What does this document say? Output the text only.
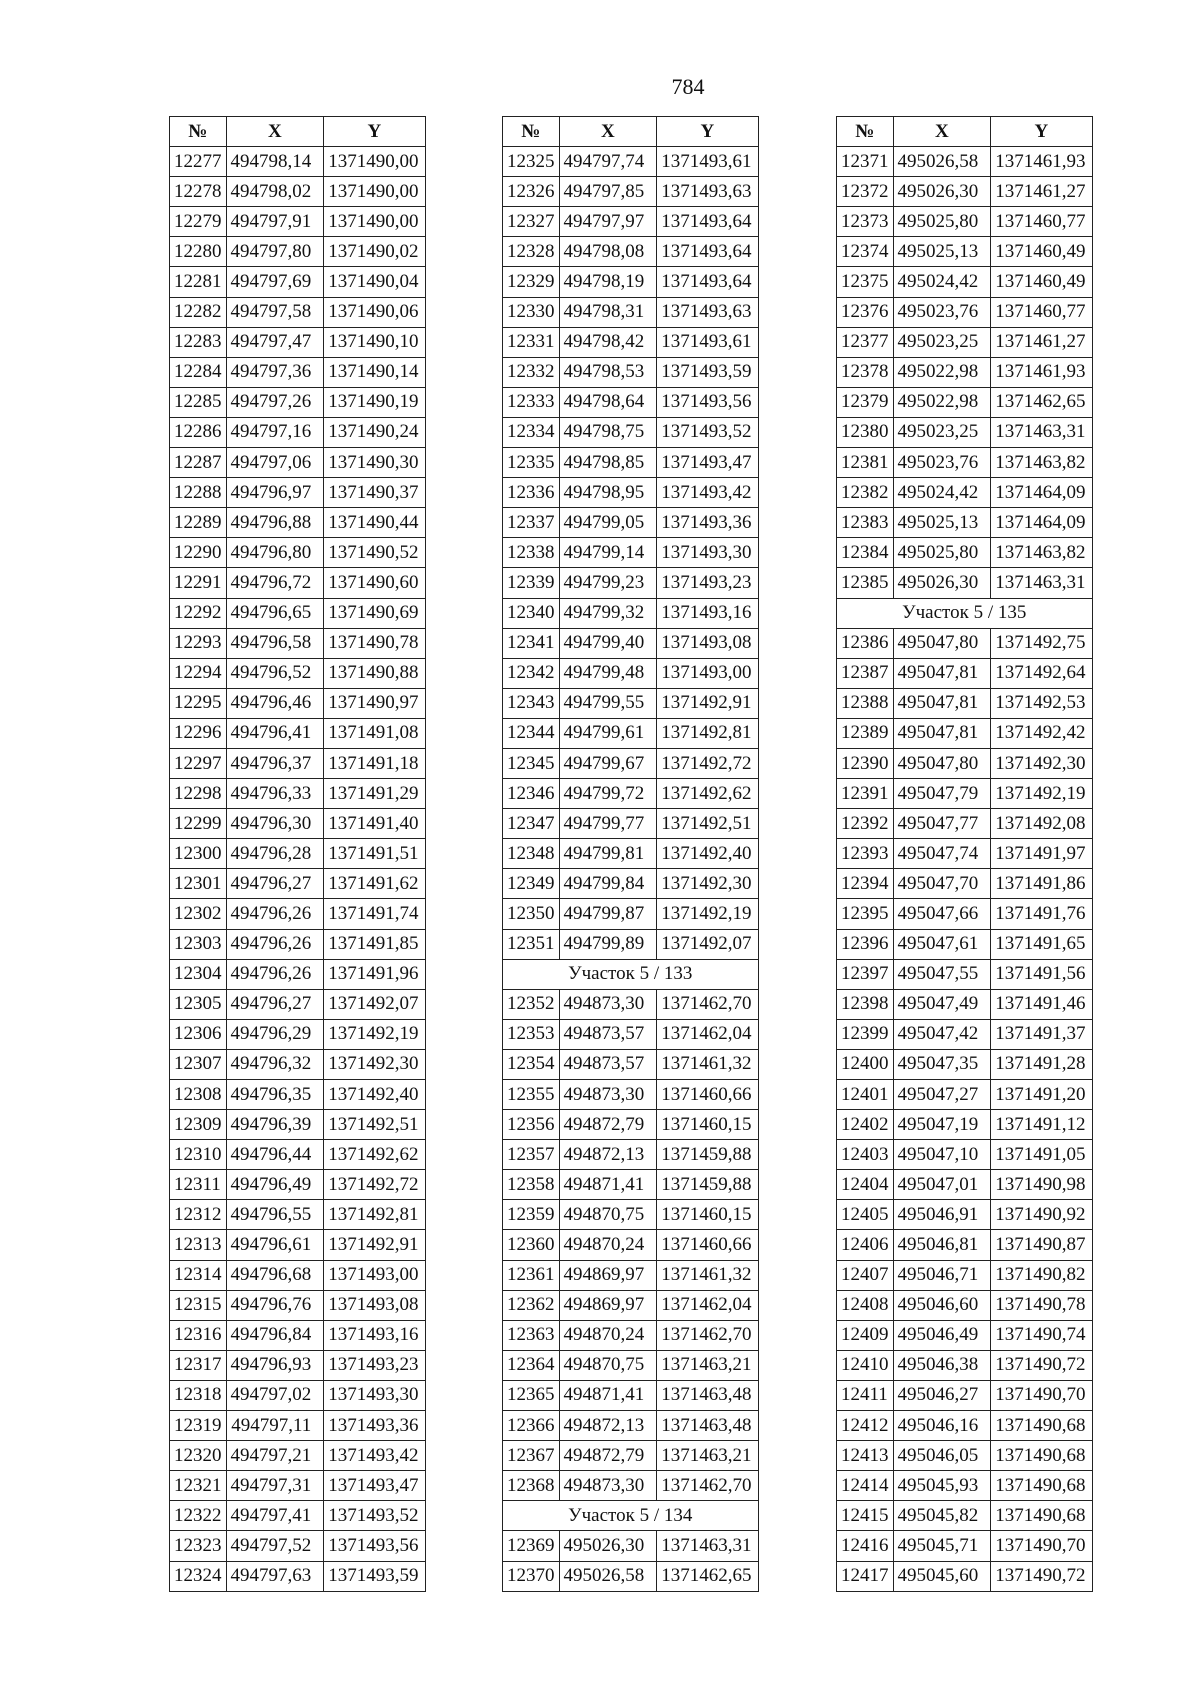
784
№	X	Y
12277	494798,14	1371490,00
12278	494798,02	1371490,00
12279	494797,91	1371490,00
12280	494797,80	1371490,02
12281	494797,69	1371490,04
12282	494797,58	1371490,06
12283	494797,47	1371490,10
12284	494797,36	1371490,14
12285	494797,26	1371490,19
12286	494797,16	1371490,24
12287	494797,06	1371490,30
12288	494796,97	1371490,37
12289	494796,88	1371490,44
12290	494796,80	1371490,52
12291	494796,72	1371490,60
12292	494796,65	1371490,69
12293	494796,58	1371490,78
12294	494796,52	1371490,88
12295	494796,46	1371490,97
12296	494796,41	1371491,08
12297	494796,37	1371491,18
12298	494796,33	1371491,29
12299	494796,30	1371491,40
12300	494796,28	1371491,51
12301	494796,27	1371491,62
12302	494796,26	1371491,74
12303	494796,26	1371491,85
12304	494796,26	1371491,96
12305	494796,27	1371492,07
12306	494796,29	1371492,19
12307	494796,32	1371492,30
12308	494796,35	1371492,40
12309	494796,39	1371492,51
12310	494796,44	1371492,62
12311	494796,49	1371492,72
12312	494796,55	1371492,81
12313	494796,61	1371492,91
12314	494796,68	1371493,00
12315	494796,76	1371493,08
12316	494796,84	1371493,16
12317	494796,93	1371493,23
12318	494797,02	1371493,30
12319	494797,11	1371493,36
12320	494797,21	1371493,42
12321	494797,31	1371493,47
12322	494797,41	1371493,52
12323	494797,52	1371493,56
12324	494797,63	1371493,59
№	X	Y
12325	494797,74	1371493,61
12326	494797,85	1371493,63
12327	494797,97	1371493,64
12328	494798,08	1371493,64
12329	494798,19	1371493,64
12330	494798,31	1371493,63
12331	494798,42	1371493,61
12332	494798,53	1371493,59
12333	494798,64	1371493,56
12334	494798,75	1371493,52
12335	494798,85	1371493,47
12336	494798,95	1371493,42
12337	494799,05	1371493,36
12338	494799,14	1371493,30
12339	494799,23	1371493,23
12340	494799,32	1371493,16
12341	494799,40	1371493,08
12342	494799,48	1371493,00
12343	494799,55	1371492,91
12344	494799,61	1371492,81
12345	494799,67	1371492,72
12346	494799,72	1371492,62
12347	494799,77	1371492,51
12348	494799,81	1371492,40
12349	494799,84	1371492,30
12350	494799,87	1371492,19
12351	494799,89	1371492,07
Участок 5 / 133		
12352	494873,30	1371462,70
12353	494873,57	1371462,04
12354	494873,57	1371461,32
12355	494873,30	1371460,66
12356	494872,79	1371460,15
12357	494872,13	1371459,88
12358	494871,41	1371459,88
12359	494870,75	1371460,15
12360	494870,24	1371460,66
12361	494869,97	1371461,32
12362	494869,97	1371462,04
12363	494870,24	1371462,70
12364	494870,75	1371463,21
12365	494871,41	1371463,48
12366	494872,13	1371463,48
12367	494872,79	1371463,21
12368	494873,30	1371462,70
Участок 5 / 134		
12369	495026,30	1371463,31
12370	495026,58	1371462,65
№	X	Y
12371	495026,58	1371461,93
12372	495026,30	1371461,27
12373	495025,80	1371460,77
12374	495025,13	1371460,49
12375	495024,42	1371460,49
12376	495023,76	1371460,77
12377	495023,25	1371461,27
12378	495022,98	1371461,93
12379	495022,98	1371462,65
12380	495023,25	1371463,31
12381	495023,76	1371463,82
12382	495024,42	1371464,09
12383	495025,13	1371464,09
12384	495025,80	1371463,82
12385	495026,30	1371463,31
Участок 5 / 135		
12386	495047,80	1371492,75
12387	495047,81	1371492,64
12388	495047,81	1371492,53
12389	495047,81	1371492,42
12390	495047,80	1371492,30
12391	495047,79	1371492,19
12392	495047,77	1371492,08
12393	495047,74	1371491,97
12394	495047,70	1371491,86
12395	495047,66	1371491,76
12396	495047,61	1371491,65
12397	495047,55	1371491,56
12398	495047,49	1371491,46
12399	495047,42	1371491,37
12400	495047,35	1371491,28
12401	495047,27	1371491,20
12402	495047,19	1371491,12
12403	495047,10	1371491,05
12404	495047,01	1371490,98
12405	495046,91	1371490,92
12406	495046,81	1371490,87
12407	495046,71	1371490,82
12408	495046,60	1371490,78
12409	495046,49	1371490,74
12410	495046,38	1371490,72
12411	495046,27	1371490,70
12412	495046,16	1371490,68
12413	495046,05	1371490,68
12414	495045,93	1371490,68
12415	495045,82	1371490,68
12416	495045,71	1371490,70
12417	495045,60	1371490,72
